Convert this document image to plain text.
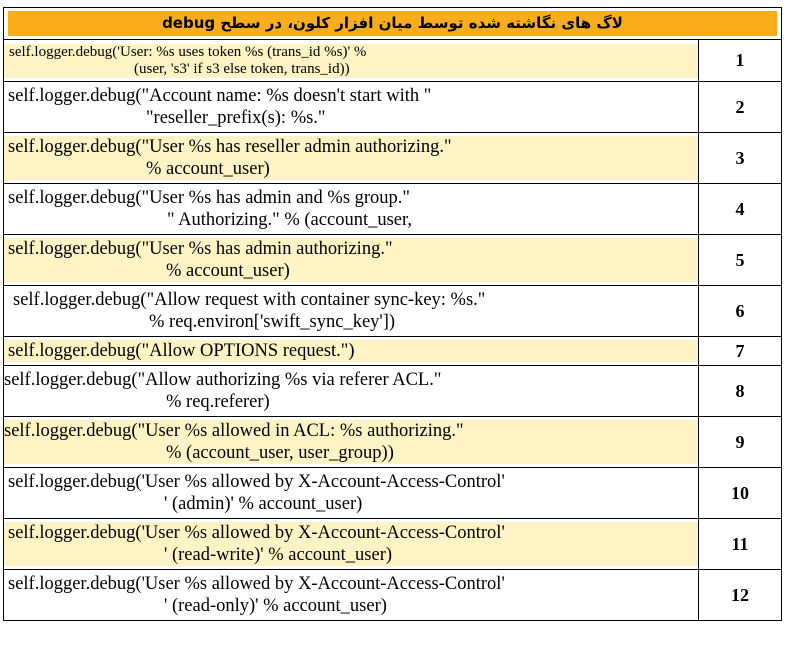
لاگ های نگاشته شده توسط میان افزار کلون، در سطح debug	

self.logger.debug('User: %s uses token %s (trans_id %s)' %
(user, 's3' if s3 else token, trans_id))	1

self.logger.debug("Account name: %s doesn't start with "
"reseller_prefix(s): %s."	2

self.logger.debug("User %s has reseller admin authorizing."
% account_user)	3

self.logger.debug("User %s has admin and %s group."
" Authorizing." % (account_user,	4

self.logger.debug("User %s has admin authorizing."
% account_user)	5

self.logger.debug("Allow request with container sync-key: %s."
% req.environ['swift_sync_key'])	6

self.logger.debug("Allow OPTIONS request.")	7

self.logger.debug("Allow authorizing %s via referer ACL."
% req.referer)	8

self.logger.debug("User %s allowed in ACL: %s authorizing."
% (account_user, user_group))	9

self.logger.debug('User %s allowed by X-Account-Access-Control'
' (admin)' % account_user)	10

self.logger.debug('User %s allowed by X-Account-Access-Control'
' (read-write)' % account_user)	11

self.logger.debug('User %s allowed by X-Account-Access-Control'
' (read-only)' % account_user)	12
